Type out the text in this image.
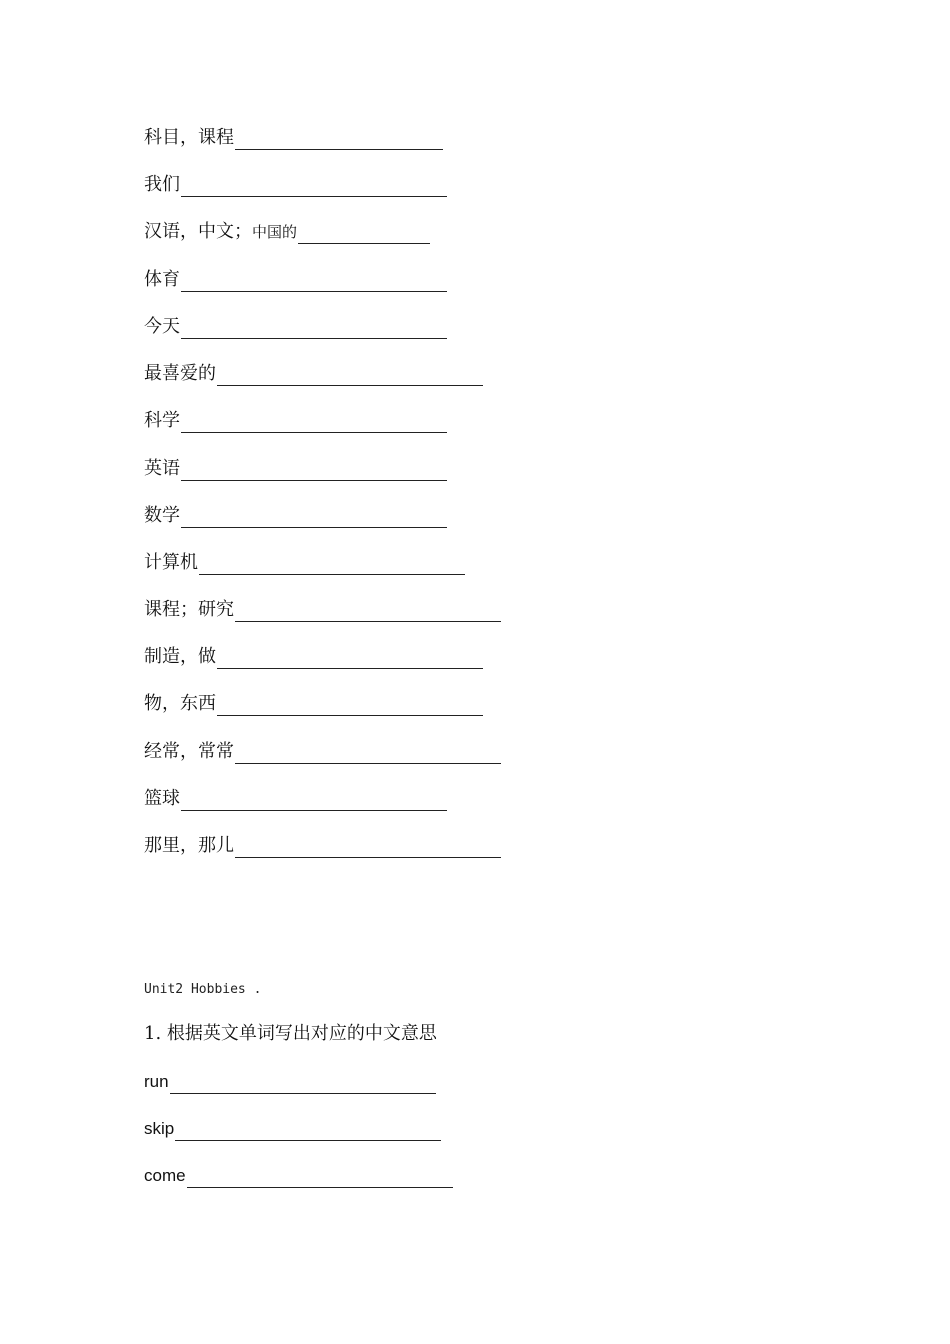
科目，课程
我们
汉语，中文； 中国的
体育
今天
最喜爱的
科学
英语
数学
计算机
课程；研究
制造，做
物，东西
经常，常常
篮球
那里，那儿
Unit2 Hobbies .
1. 根据英文单词写出对应的中文意思
run
skip
come
